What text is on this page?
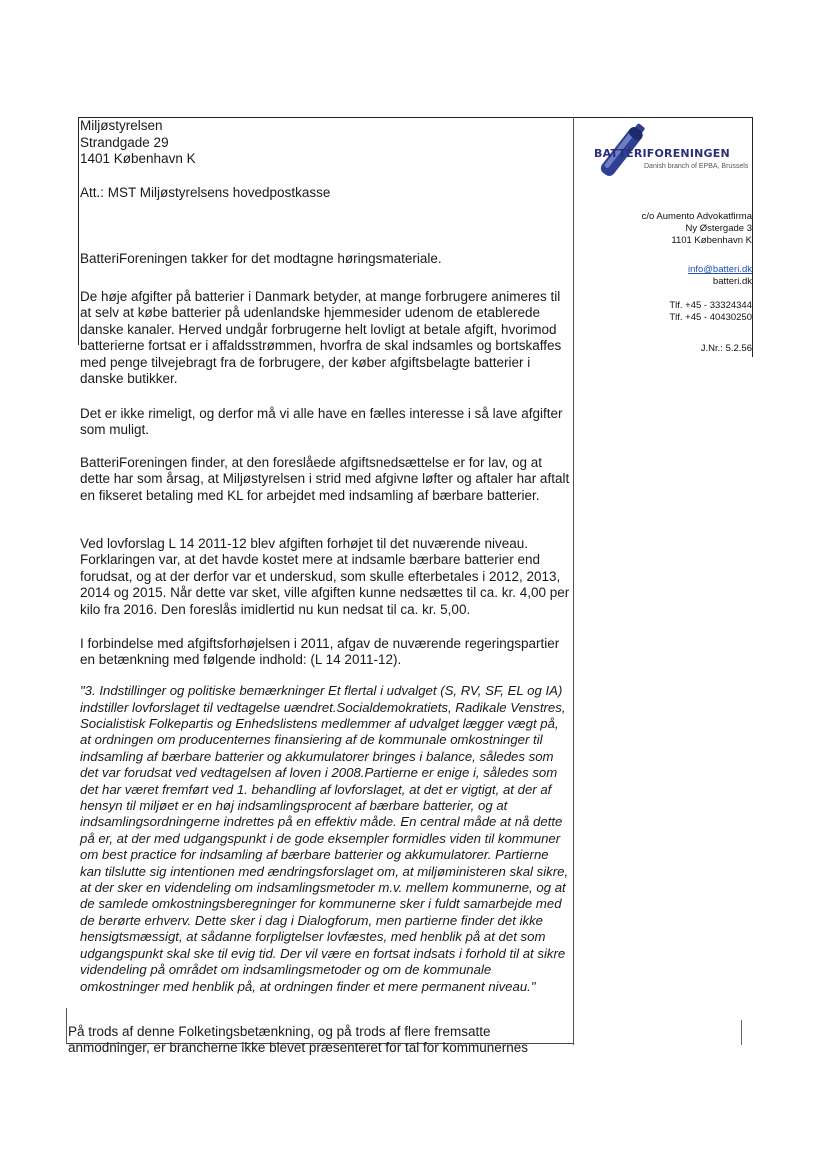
Miljøstyrelsen
Strandgade 29
1401 København K
Att.: MST Miljøstyrelsens hovedpostkasse
BATTERIFORENINGEN
Danish branch of EPBA, Brussels
c/o Aumento Advokatfirma
Ny Østergade 3
1101 København K
info@batteri.dk
batteri.dk
Tlf. +45 - 33324344
Tlf. +45 - 40430250
J.Nr.: 5.2.56

BatteriForeningen takker for det modtagne høringsmateriale.

De høje afgifter på batterier i Danmark betyder, at mange forbrugere animeres til at selv at købe batterier på udenlandske hjemmesider udenom de etablerede danske kanaler. Herved undgår forbrugerne helt lovligt at betale afgift, hvorimod batterierne fortsat er i affaldsstrømmen, hvorfra de skal indsamles og bortskaffes med penge tilvejebragt fra de forbrugere, der køber afgiftsbelagte batterier i danske butikker.

Det er ikke rimeligt, og derfor må vi alle have en fælles interesse i så lave afgifter som muligt.

BatteriForeningen finder, at den foreslåede afgiftsnedsættelse er for lav, og at dette har som årsag, at Miljøstyrelsen i strid med afgivne løfter og aftaler har aftalt en fikseret betaling med KL for arbejdet med indsamling af bærbare batterier.

Ved lovforslag L 14 2011-12 blev afgiften forhøjet til det nuværende niveau. Forklaringen var, at det havde kostet mere at indsamle bærbare batterier end forudsat, og at der derfor var et underskud, som skulle efterbetales i 2012, 2013, 2014 og 2015. Når dette var sket, ville afgiften kunne nedsættes til ca. kr. 4,00 per kilo fra 2016. Den foreslås imidlertid nu kun nedsat til ca. kr. 5,00.

I forbindelse med afgiftsforhøjelsen i 2011, afgav de nuværende regeringspartier en betænkning med følgende indhold: (L 14 2011-12).

"3. Indstillinger og politiske bemærkninger Et flertal i udvalget (S, RV, SF, EL og IA) indstiller lovforslaget til vedtagelse uændret.Socialdemokratiets, Radikale Venstres, Socialistisk Folkepartis og Enhedslistens medlemmer af udvalget lægger vægt på, at ordningen om producenternes finansiering af de kommunale omkostninger til indsamling af bærbare batterier og akkumulatorer bringes i balance, således som det var forudsat ved vedtagelsen af loven i 2008.Partierne er enige i, således som det har været fremført ved 1. behandling af lovforslaget, at det er vigtigt, at der af hensyn til miljøet er en høj indsamlingsprocent af bærbare batterier, og at indsamlingsordningerne indrettes på en effektiv måde. En central måde at nå dette på er, at der med udgangspunkt i de gode eksempler formidles viden til kommuner om best practice for indsamling af bærbare batterier og akkumulatorer. Partierne kan tilslutte sig intentionen med ændringsforslaget om, at miljøministeren skal sikre, at der sker en videndeling om indsamlingsmetoder m.v. mellem kommunerne, og at de samlede omkostningsberegninger for kommunerne sker i fuldt samarbejde med de berørte erhverv. Dette sker i dag i Dialogforum, men partierne finder det ikke hensigtsmæssigt, at sådanne forpligtelser lovfæstes, med henblik på at det som udgangspunkt skal ske til evig tid. Der vil være en fortsat indsats i forhold til at sikre videndeling på området om indsamlingsmetoder og om de kommunale omkostninger med henblik på, at ordningen finder et mere permanent niveau."

På trods af denne Folketingsbetænkning, og på trods af flere fremsatte anmodninger, er brancherne ikke blevet præsenteret for tal for kommunernes
